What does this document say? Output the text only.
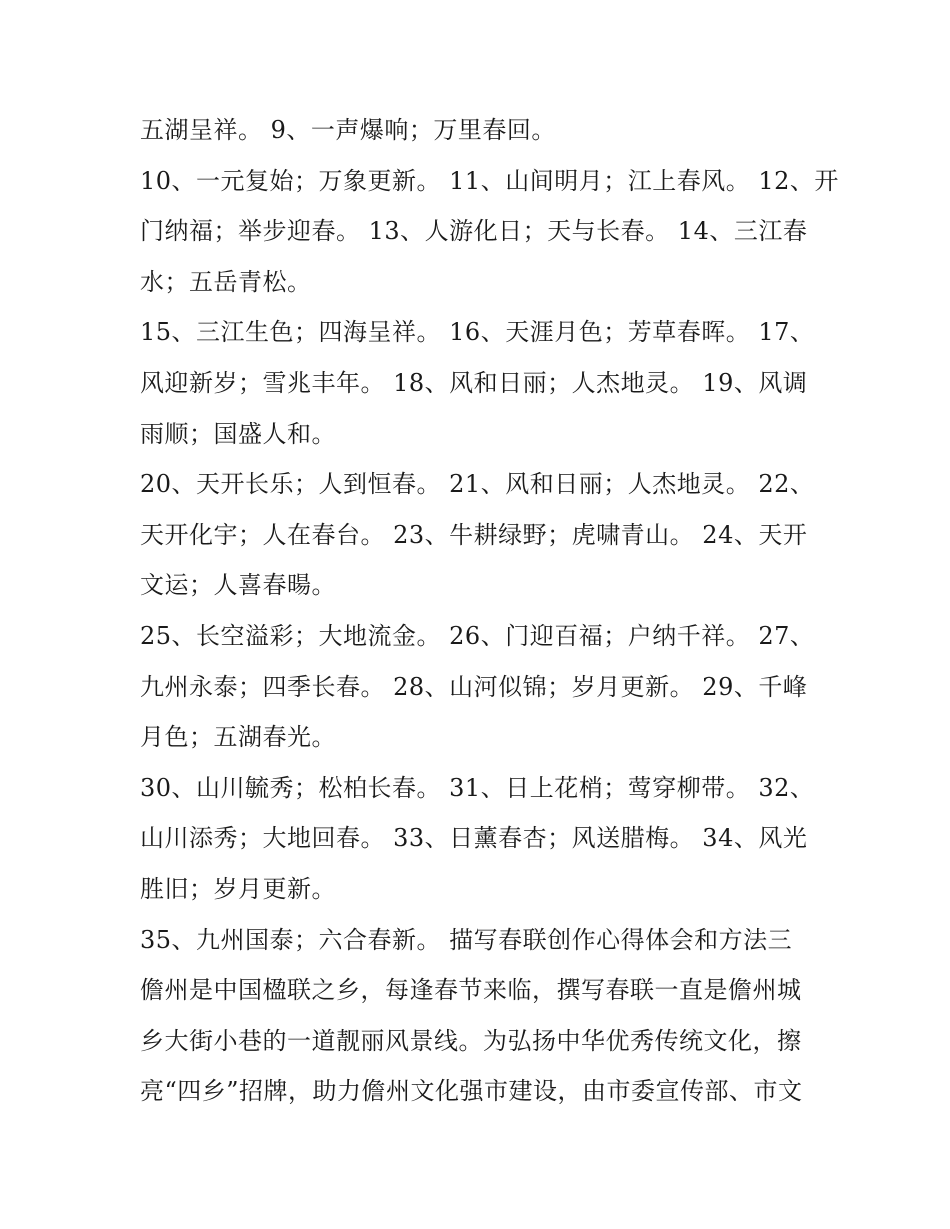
五湖呈祥。 9、一声爆响；万里春回。
10、一元复始；万象更新。 11、山间明月；江上春风。 12、开
门纳福；举步迎春。 13、人游化日；天与长春。 14、三江春
水；五岳青松。
15、三江生色；四海呈祥。 16、天涯月色；芳草春晖。 17、
风迎新岁；雪兆丰年。 18、风和日丽；人杰地灵。 19、风调
雨顺；国盛人和。
20、天开长乐；人到恒春。 21、风和日丽；人杰地灵。 22、
天开化宇；人在春台。 23、牛耕绿野；虎啸青山。 24、天开
文运；人喜春暘。
25、长空溢彩；大地流金。 26、门迎百福；户纳千祥。 27、
九州永泰；四季长春。 28、山河似锦；岁月更新。 29、千峰
月色；五湖春光。
30、山川毓秀；松柏长春。 31、日上花梢；莺穿柳带。 32、
山川添秀；大地回春。 33、日薰春杏；风送腊梅。 34、风光
胜旧；岁月更新。
35、九州国泰；六合春新。 描写春联创作心得体会和方法三
儋州是中国楹联之乡，每逢春节来临，撰写春联一直是儋州城
乡大街小巷的一道靓丽风景线。为弘扬中华优秀传统文化，擦
亮“四乡”招牌，助力儋州文化强市建设，由市委宣传部、市文
